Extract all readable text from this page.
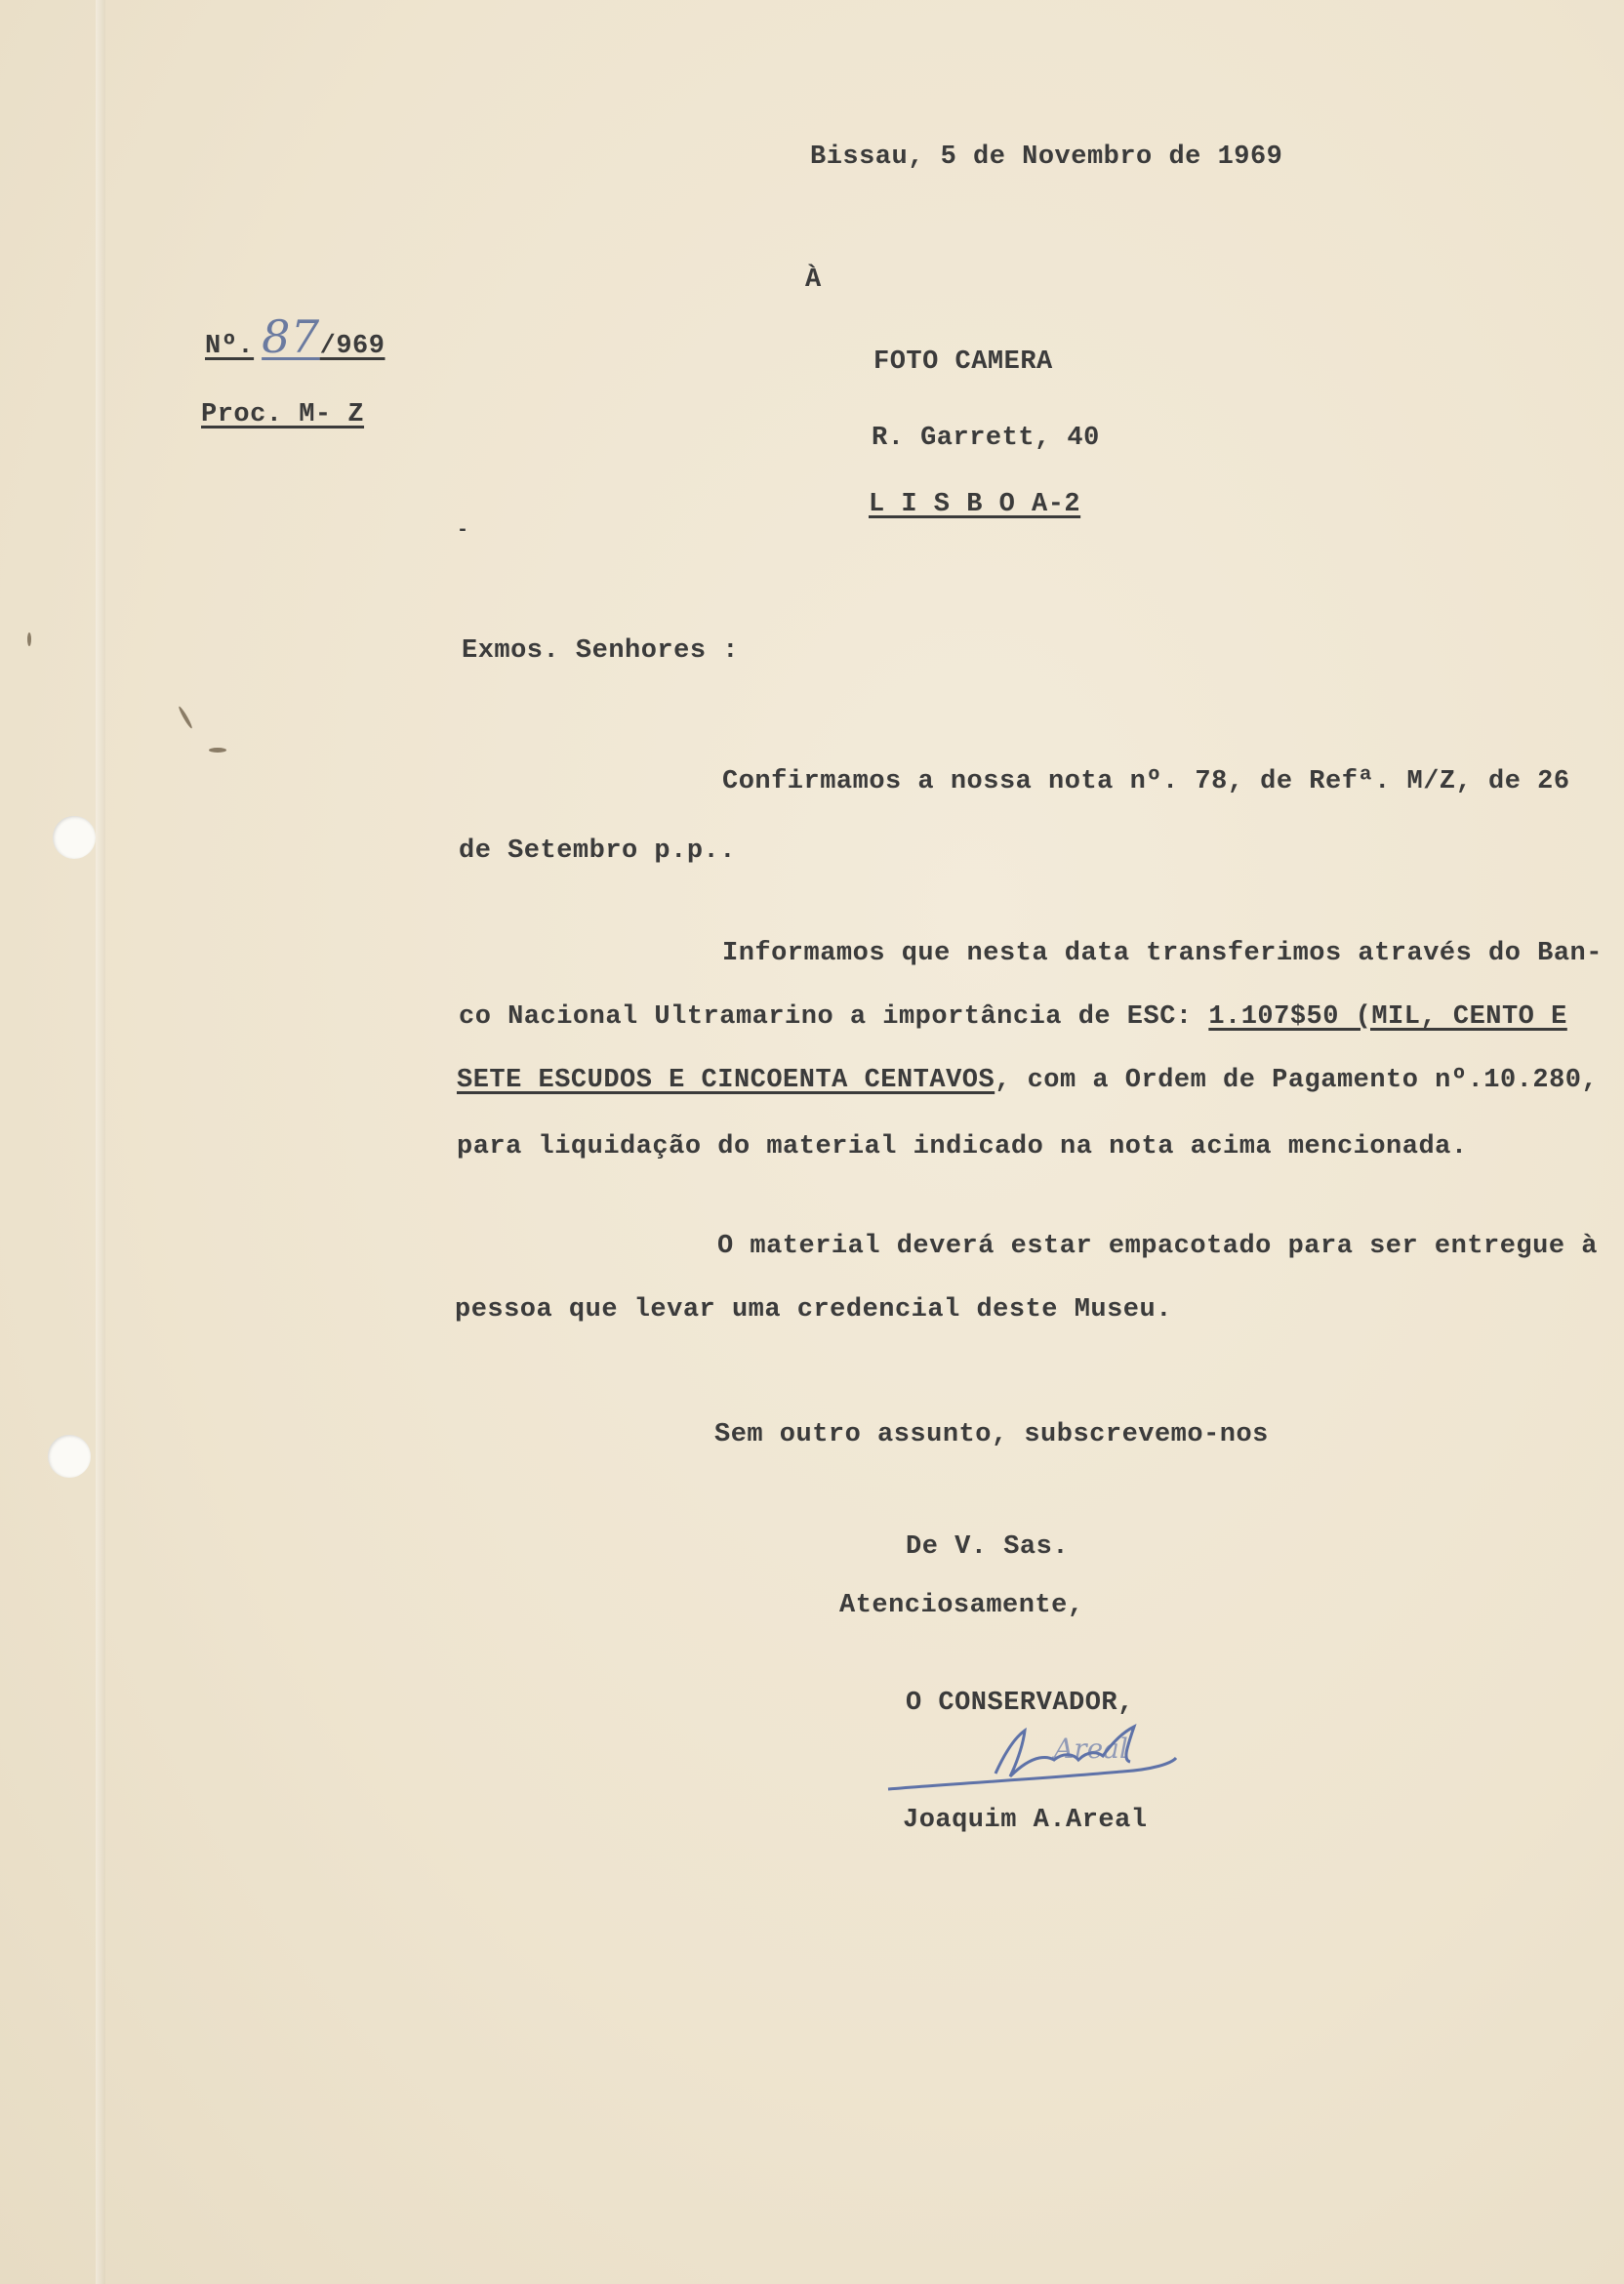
Bissau, 5 de Novembro de 1969
À
Nº. 87/969
Proc. M- Z
FOTO CAMERA
R. Garrett, 40
L I S B O A-2
-
Exmos. Senhores :
Confirmamos a nossa nota nº. 78, de Refª. M/Z, de 26
de Setembro p.p..
Informamos que nesta data transferimos através do Ban-
co Nacional Ultramarino a importância de ESC: 1.107$50 (MIL, CENTO E
SETE ESCUDOS E CINCOENTA CENTAVOS, com a Ordem de Pagamento nº.10.280,
para liquidação do material indicado na nota acima mencionada.
O material deverá estar empacotado para ser entregue à
pessoa que levar uma credencial deste Museu.
Sem outro assunto, subscrevemo-nos
De V. Sas.
Atenciosamente,
O CONSERVADOR,
Areal
Joaquim A.Areal
